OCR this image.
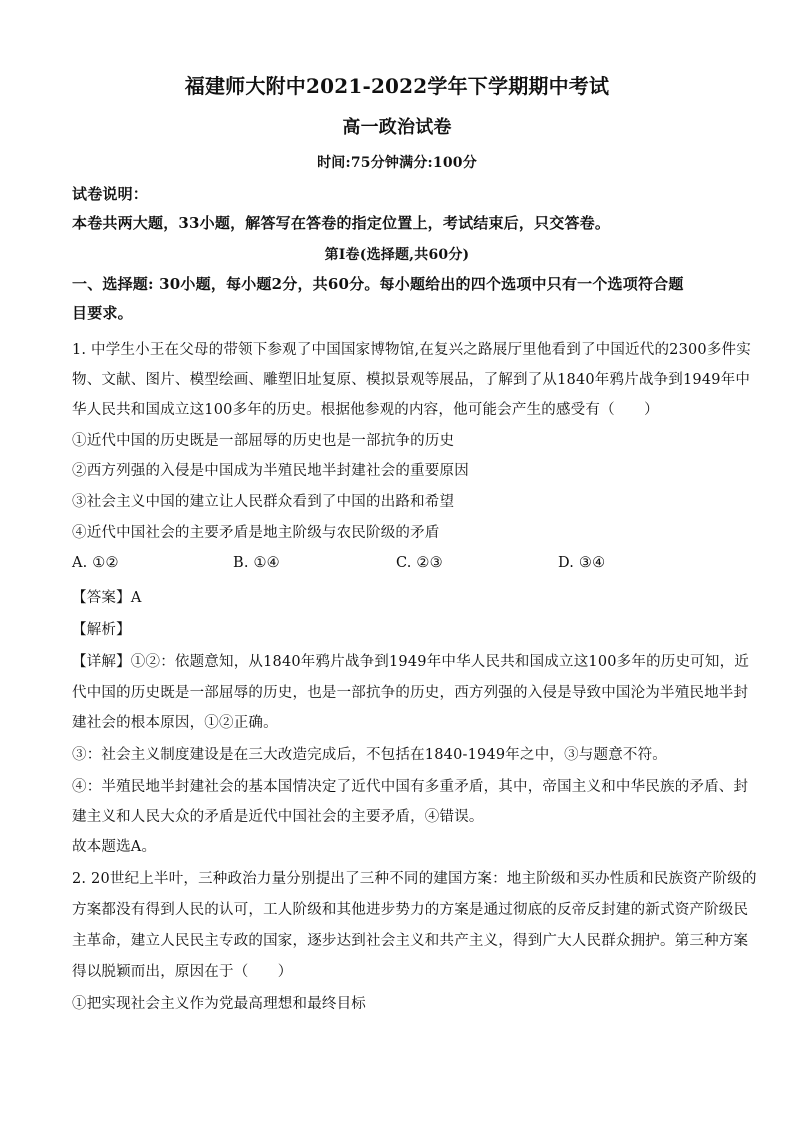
福建师大附中2021-2022学年下学期期中考试
高一政治试卷
时间:75分钟满分:100分
试卷说明：
本卷共两大题，33小题，解答写在答卷的指定位置上，考试结束后，只交答卷。
第Ⅰ卷(选择题,共60分)
一、选择题: 30小题，每小题2分，共60分。每小题给出的四个选项中只有一个选项符合题
目要求。
1. 中学生小王在父母的带领下参观了中国国家博物馆,在复兴之路展厅里他看到了中国近代的2300多件实
物、文献、图片、模型绘画、雕塑旧址复原、模拟景观等展品，了解到了从1840年鸦片战争到1949年中
华人民共和国成立这100多年的历史。根据他参观的内容，他可能会产生的感受有（　　）
①近代中国的历史既是一部屈辱的历史也是一部抗争的历史
②西方列强的入侵是中国成为半殖民地半封建社会的重要原因
③社会主义中国的建立让人民群众看到了中国的出路和希望
④近代中国社会的主要矛盾是地主阶级与农民阶级的矛盾
A. ①②	B. ①④	C. ②③	D. ③④
【答案】A
【解析】
【详解】①②：依题意知，从1840年鸦片战争到1949年中华人民共和国成立这100多年的历史可知，近
代中国的历史既是一部屈辱的历史，也是一部抗争的历史，西方列强的入侵是导致中国沦为半殖民地半封
建社会的根本原因，①②正确。
③：社会主义制度建设是在三大改造完成后，不包括在1840-1949年之中，③与题意不符。
④：半殖民地半封建社会的基本国情决定了近代中国有多重矛盾，其中，帝国主义和中华民族的矛盾、封
建主义和人民大众的矛盾是近代中国社会的主要矛盾，④错误。
故本题选A。
2. 20世纪上半叶，三种政治力量分别提出了三种不同的建国方案：地主阶级和买办性质和民族资产阶级的
方案都没有得到人民的认可，工人阶级和其他进步势力的方案是通过彻底的反帝反封建的新式资产阶级民
主革命，建立人民民主专政的国家，逐步达到社会主义和共产主义，得到广大人民群众拥护。第三种方案
得以脱颖而出，原因在于（　　）
①把实现社会主义作为党最高理想和最终目标
